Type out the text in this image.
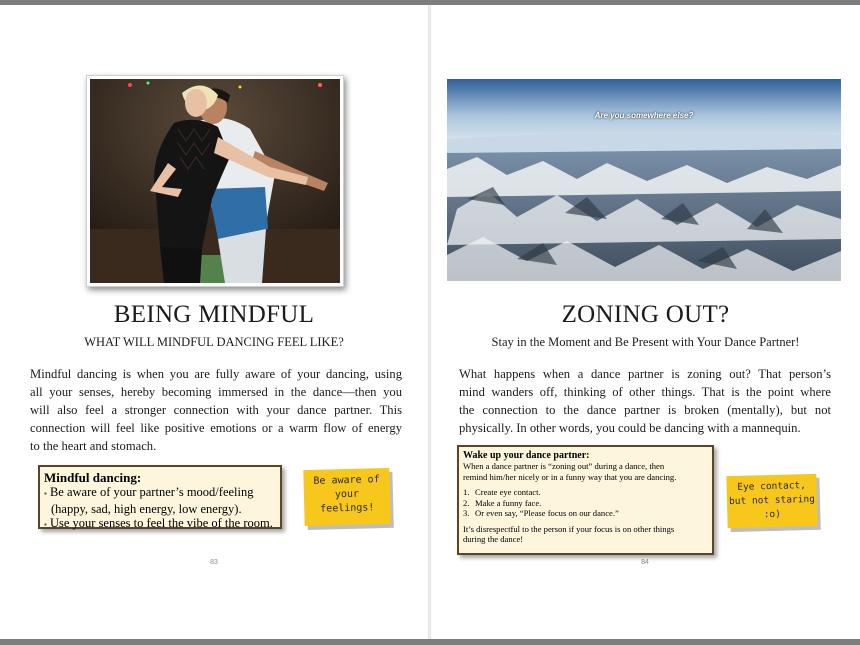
BEING MINDFUL
WHAT WILL MINDFUL DANCING FEEL LIKE?
Mindful dancing is when you are fully aware of your dancing, using
all your senses, hereby becoming immersed in the dance—then you
will also feel a stronger connection with your dance partner. This
connection will feel like positive emotions or a warm flow of energy
to the heart and stomach.
Mindful dancing:
▪ Be aware of your partner’s mood/feeling
(happy, sad, high energy, low energy).
▪ Use your senses to feel the vibe of the room.
Be aware of
your
feelings!
83
Are you somewhere else?
ZONING OUT?
Stay in the Moment and Be Present with Your Dance Partner!
What happens when a dance partner is zoning out? That person’s
mind wanders off, thinking of other things. That is the point where
the connection to the dance partner is broken (mentally), but not
physically. In other words, you could be dancing with a mannequin.
Wake up your dance partner:
When a dance partner is “zoning out” during a dance, then
remind him/her nicely or in a funny way that you are dancing.
1. Create eye contact.
2. Make a funny face.
3. Or even say, “Please focus on our dance.”
It’s disrespectful to the person if your focus is on other things
during the dance!
Eye contact,
but not staring
:o)
84
